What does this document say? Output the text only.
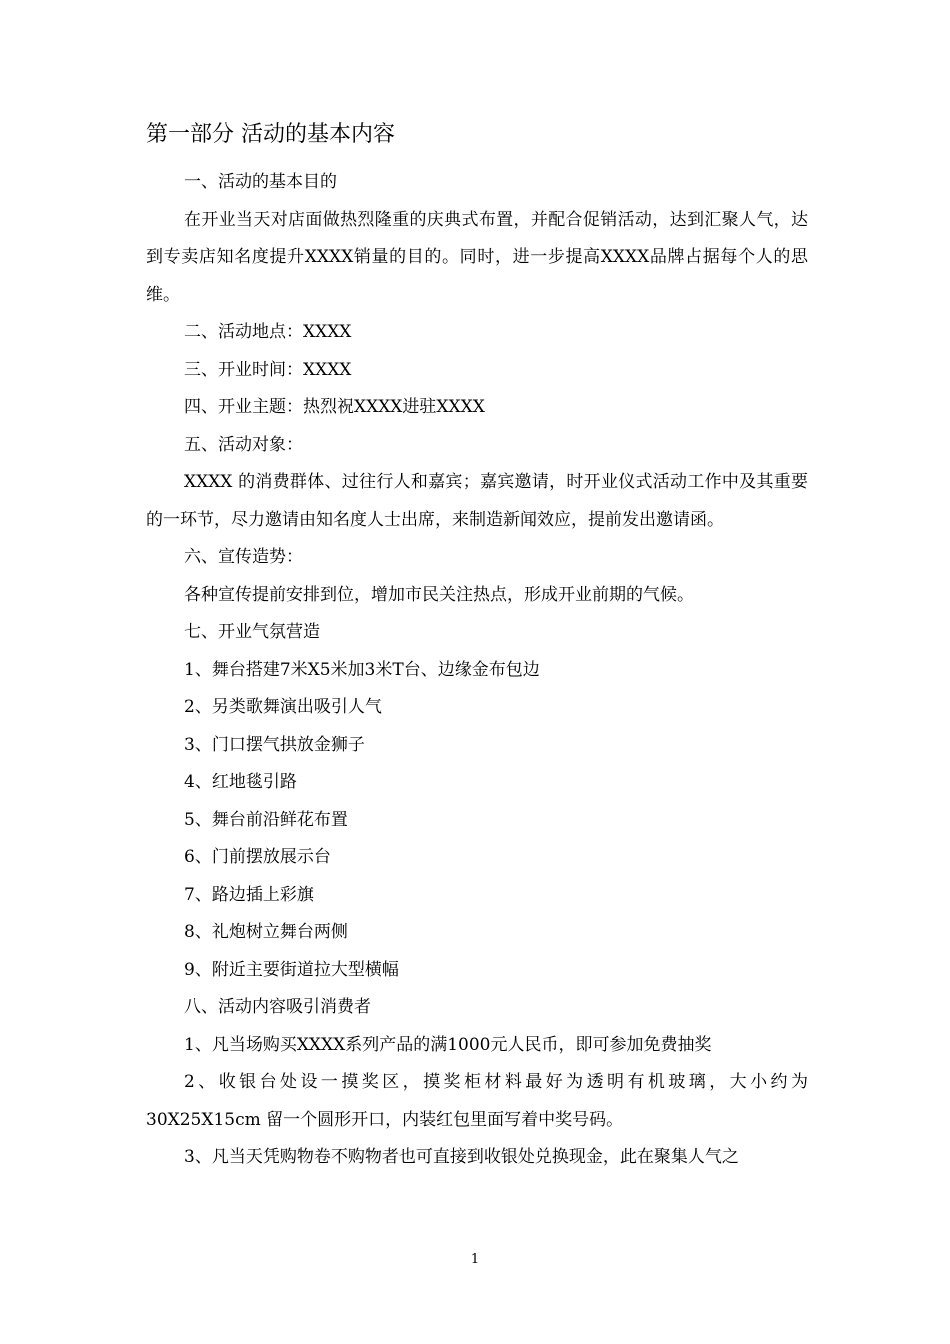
第一部分 活动的基本内容

一、活动的基本目的

在开业当天对店面做热烈隆重的庆典式布置，并配合促销活动，达到汇聚人气，达到专卖店知名度提升XXXX销量的目的。同时，进一步提高XXXX品牌占据每个人的思维。

二、活动地点：XXXX

三、开业时间：XXXX

四、开业主题：热烈祝XXXX进驻XXXX

五、活动对象：

XXXX 的消费群体、过往行人和嘉宾；嘉宾邀请，时开业仪式活动工作中及其重要的一环节，尽力邀请由知名度人士出席，来制造新闻效应，提前发出邀请函。

六、宣传造势：

各种宣传提前安排到位，增加市民关注热点，形成开业前期的气候。

七、开业气氛营造

1、舞台搭建7米X5米加3米T台、边缘金布包边

2、另类歌舞演出吸引人气

3、门口摆气拱放金狮子

4、红地毯引路

5、舞台前沿鲜花布置

6、门前摆放展示台

7、路边插上彩旗

8、礼炮树立舞台两侧

9、附近主要街道拉大型横幅

八、活动内容吸引消费者

1、凡当场购买XXXX系列产品的满1000元人民币，即可参加免费抽奖

2、收银台处设一摸奖区，摸奖柜材料最好为透明有机玻璃，大小约为30X25X15cm 留一个圆形开口，内装红包里面写着中奖号码。

3、凡当天凭购物卷不购物者也可直接到收银处兑换现金，此在聚集人气之

1
